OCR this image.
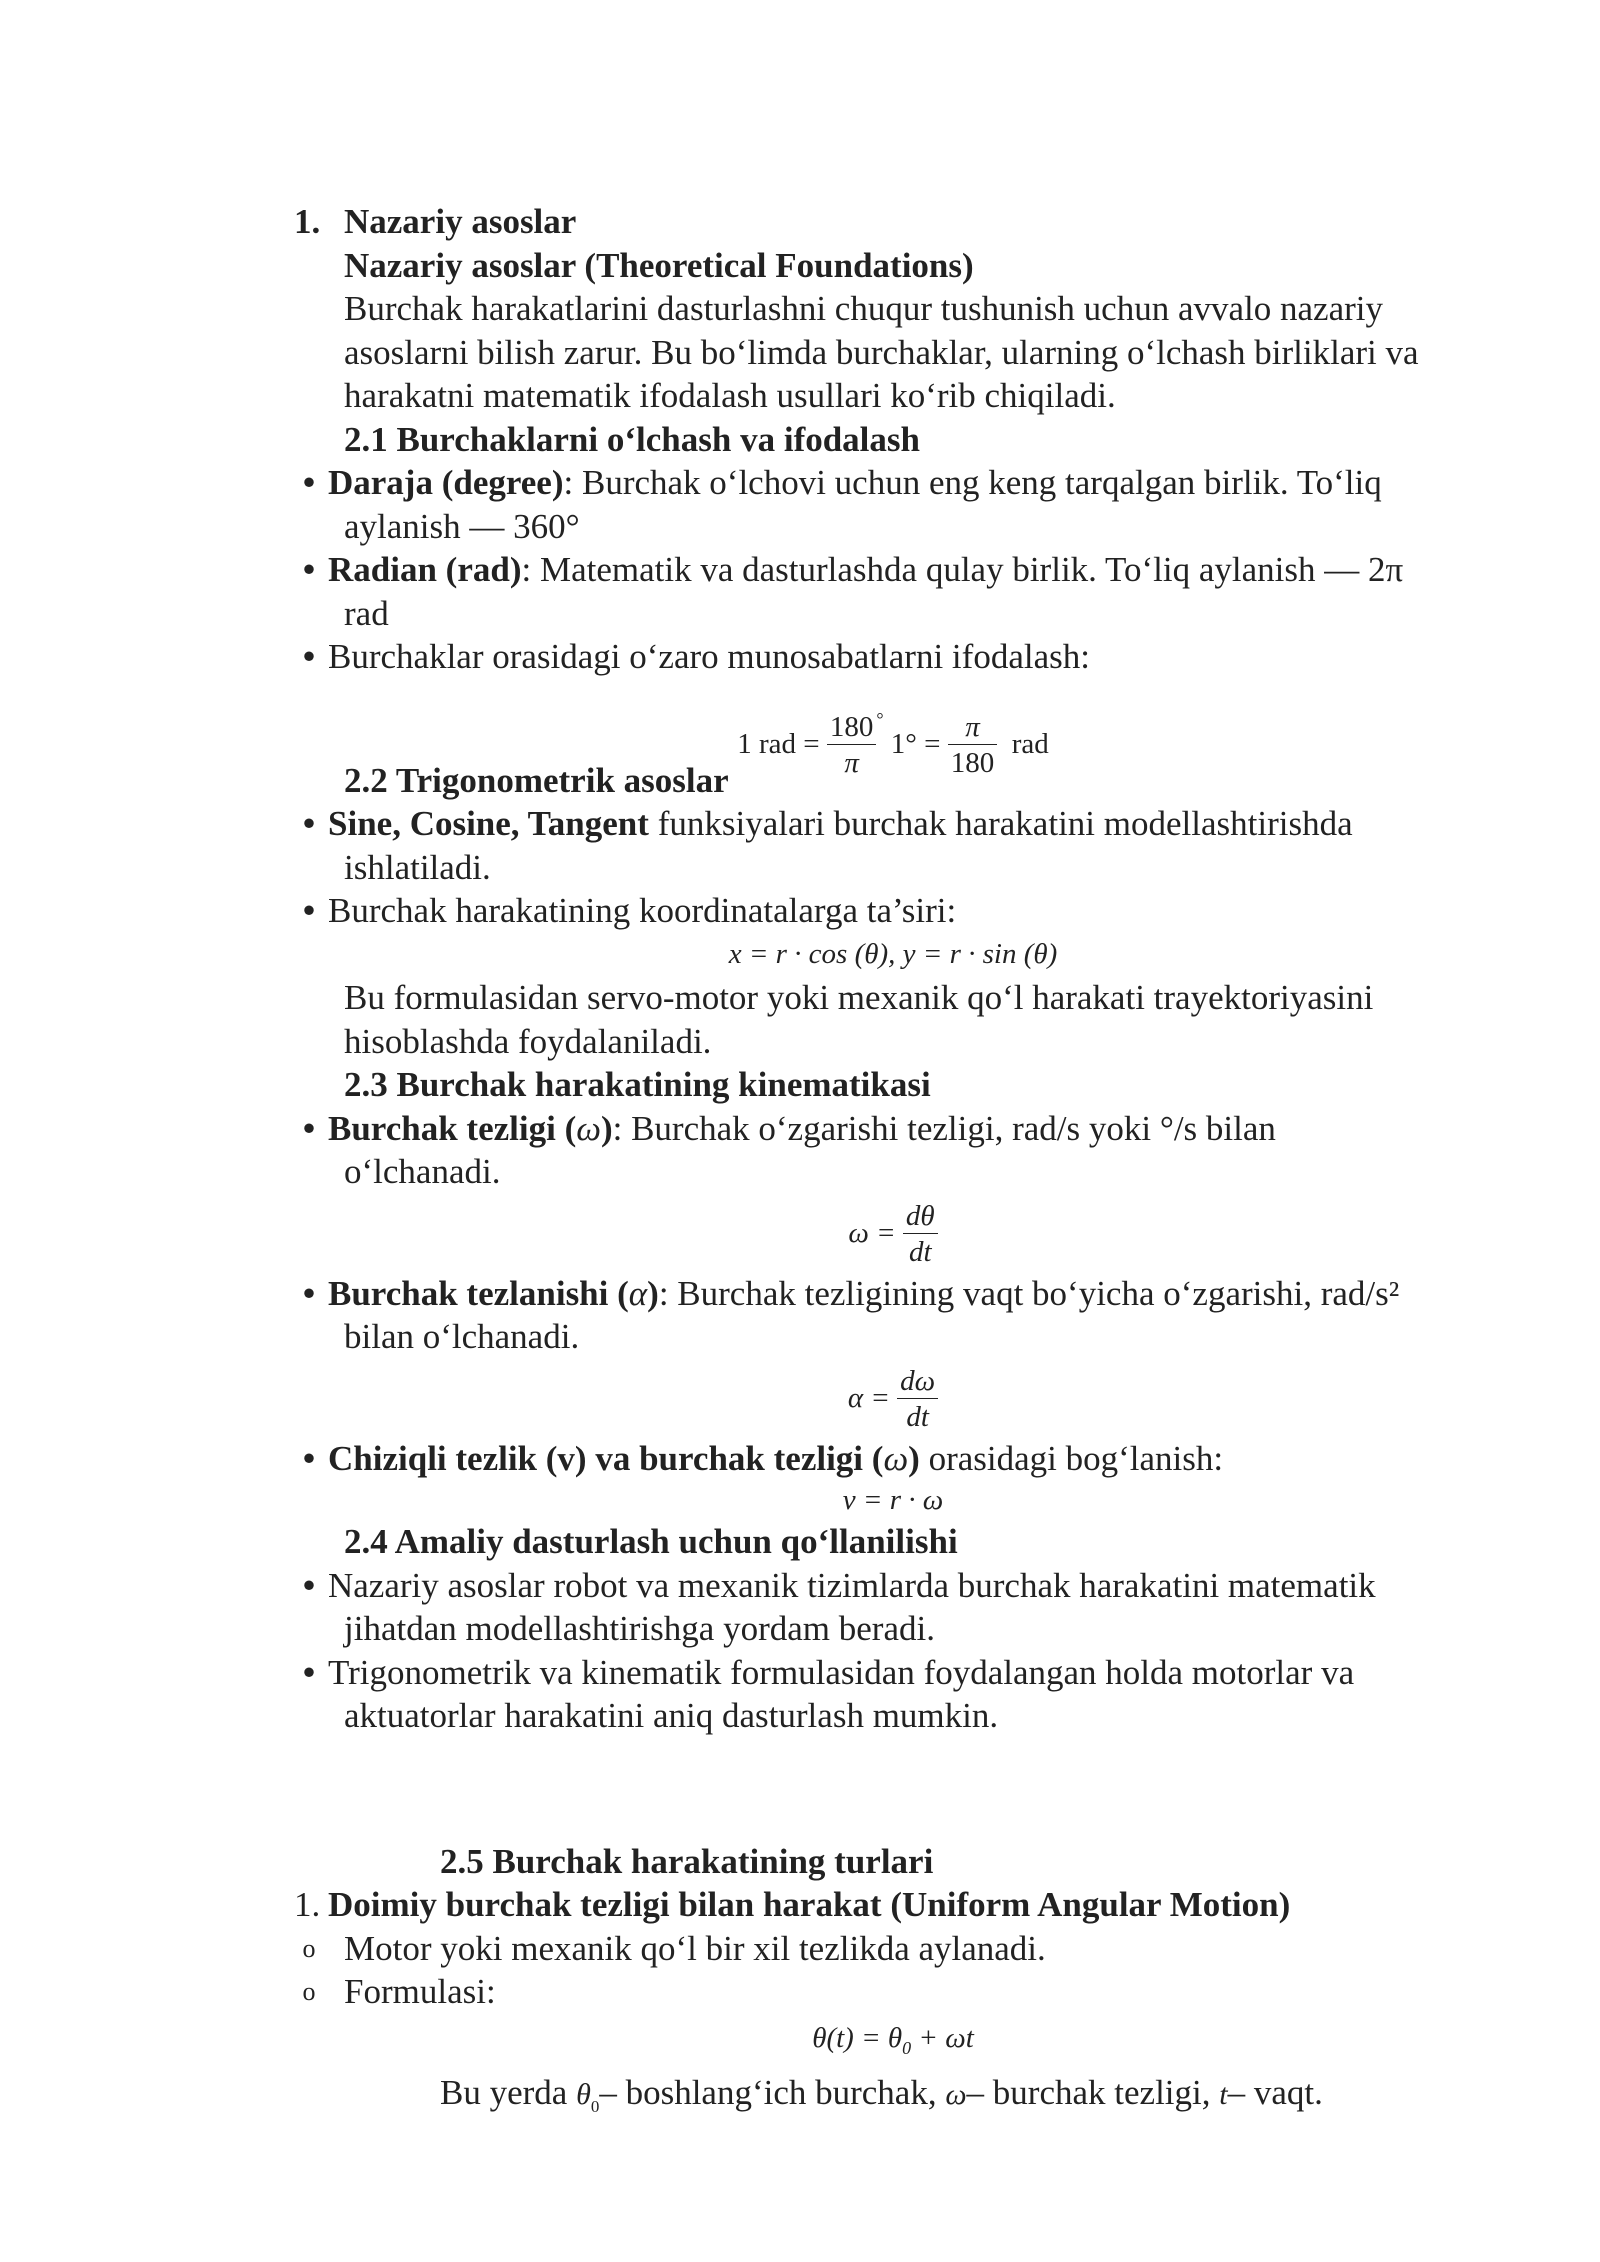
1. Nazariy asoslar
Nazariy asoslar (Theoretical Foundations)
Burchak harakatlarini dasturlashni chuqur tushunish uchun avvalo nazariy
asoslarni bilish zarur. Bu bo‘limda burchaklar, ularning o‘lchash birliklari va
harakatni matematik ifodalash usullari ko‘rib chiqiladi.
2.1 Burchaklarni o‘lchash va ifodalash
• Daraja (degree): Burchak o‘lchovi uchun eng keng tarqalgan birlik. To‘liq
aylanish — 360°
• Radian (rad): Matematik va dasturlashda qulay birlik. To‘liq aylanish — 2π
rad
• Burchaklar orasidagi o‘zaro munosabatlarni ifodalash:
1 rad = $\frac{180}{\pi} ^\circ$ $1^\circ = \frac{\pi}{180}$ rad
2.2 Trigonometrik asoslar
• Sine, Cosine, Tangent funksiyalari burchak harakatini modellashtirishda
ishlatiladi.
• Burchak harakatining koordinatalarga ta’siri:
x = r · cos (θ), y = r · sin (θ)
Bu formulasidan servo-motor yoki mexanik qo‘l harakati trayektoriyasini
hisoblashda foydalaniladi.
2.3 Burchak harakatining kinematikasi
• Burchak tezligi (ω): Burchak o‘zgarishi tezligi, rad/s yoki °/s bilan
o‘lchanadi.
$\omega = \frac{d\theta}{dt}$
• Burchak tezlanishi (α): Burchak tezligining vaqt bo‘yicha o‘zgarishi, rad/s²
bilan o‘lchanadi.
$\alpha = \frac{d\omega}{dt}$
• Chiziqli tezlik (v) va burchak tezligi (ω) orasidagi bog‘lanish:
v = r · ω
2.4 Amaliy dasturlash uchun qo‘llanilishi
• Nazariy asoslar robot va mexanik tizimlarda burchak harakatini matematik
jihatdan modellashtirishga yordam beradi.
• Trigonometrik va kinematik formulasidan foydalangan holda motorlar va
aktuatorlar harakatini aniq dasturlash mumkin.
2.5 Burchak harakatining turlari
1. Doimiy burchak tezligi bilan harakat (Uniform Angular Motion)
o Motor yoki mexanik qo‘l bir xil tezlikda aylanadi.
o Formulasi:
$\theta(t) = \theta_0 + \omega t$
Bu yerda $\theta_0-$ boshlang‘ich burchak, ω– burchak tezligi, t– vaqt.
